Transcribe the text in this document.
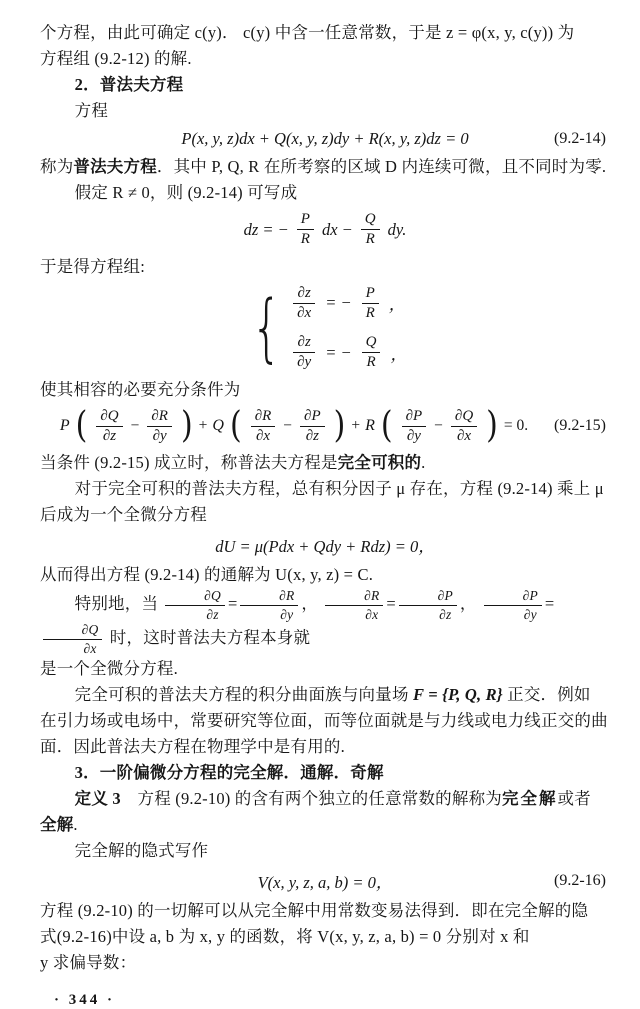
个方程，由此可确定 c(y)． c(y) 中含一任意常数，于是 z = φ(x, y, c(y)) 为
方程组 (9.2-12) 的解.
2．普法夫方程
方程
P(x, y, z)dx + Q(x, y, z)dy + R(x, y, z)dz = 0	(9.2-14)
称为普法夫方程．其中 P, Q, R 在所考察的区域 D 内连续可微，且不同时为零.
假定 R ≠ 0，则 (9.2-14) 可写成
dz = − $\frac{P}{R}$ dx − $\frac{Q}{R}$ dy.
于是得方程组:
{ $\frac{\partial z}{\partial x}$ = − $\frac{P}{R}$ ，
$\frac{\partial z}{\partial y}$ = − $\frac{Q}{R}$ ，
使其相容的必要充分条件为
P ( $\frac{\partial Q}{\partial z} - \frac{\partial R}{\partial y}$ ) + Q ( $\frac{\partial R}{\partial x} - \frac{\partial P}{\partial z}$ ) + R ( $\frac{\partial P}{\partial y} - \frac{\partial Q}{\partial x}$ ) = 0. (9.2-15)
当条件 (9.2-15) 成立时，称普法夫方程是完全可积的.
对于完全可积的普法夫方程，总有积分因子 μ 存在，方程 (9.2-14) 乘上 μ
后成为一个全微分方程
dU = μ(Pdx + Qdy + Rdz) = 0，
从而得出方程 (9.2-14) 的通解为 U(x, y, z) = C.
特别地，当 $\frac{\partial Q}{\partial z} = \frac{\partial R}{\partial y}$ ， $\frac{\partial R}{\partial x} = \frac{\partial P}{\partial z}$ ， $\frac{\partial P}{\partial y}$ =
$\frac{\partial Q}{\partial x}$ 时，这时普法夫方程本身就
是一个全微分方程.
完全可积的普法夫方程的积分曲面族与向量场 F = {P, Q, R} 正交．例如
在引力场或电场中，常要研究等位面，而等位面就是与力线或电力线正交的曲
面．因此普法夫方程在物理学中是有用的.
3．一阶偏微分方程的完全解．通解．奇解
定义 3　方程 (9.2-10) 的含有两个独立的任意常数的解称为完全解或者
全解.
完全解的隐式写作
V(x, y, z, a, b) = 0，	(9.2-16)
方程 (9.2-10) 的一切解可以从完全解中用常数变易法得到．即在完全解的隐
式(9.2-16)中设 a, b 为 x, y 的函数，将 V(x, y, z, a, b) = 0 分别对 x 和
y 求偏导数：
· 344 ·
